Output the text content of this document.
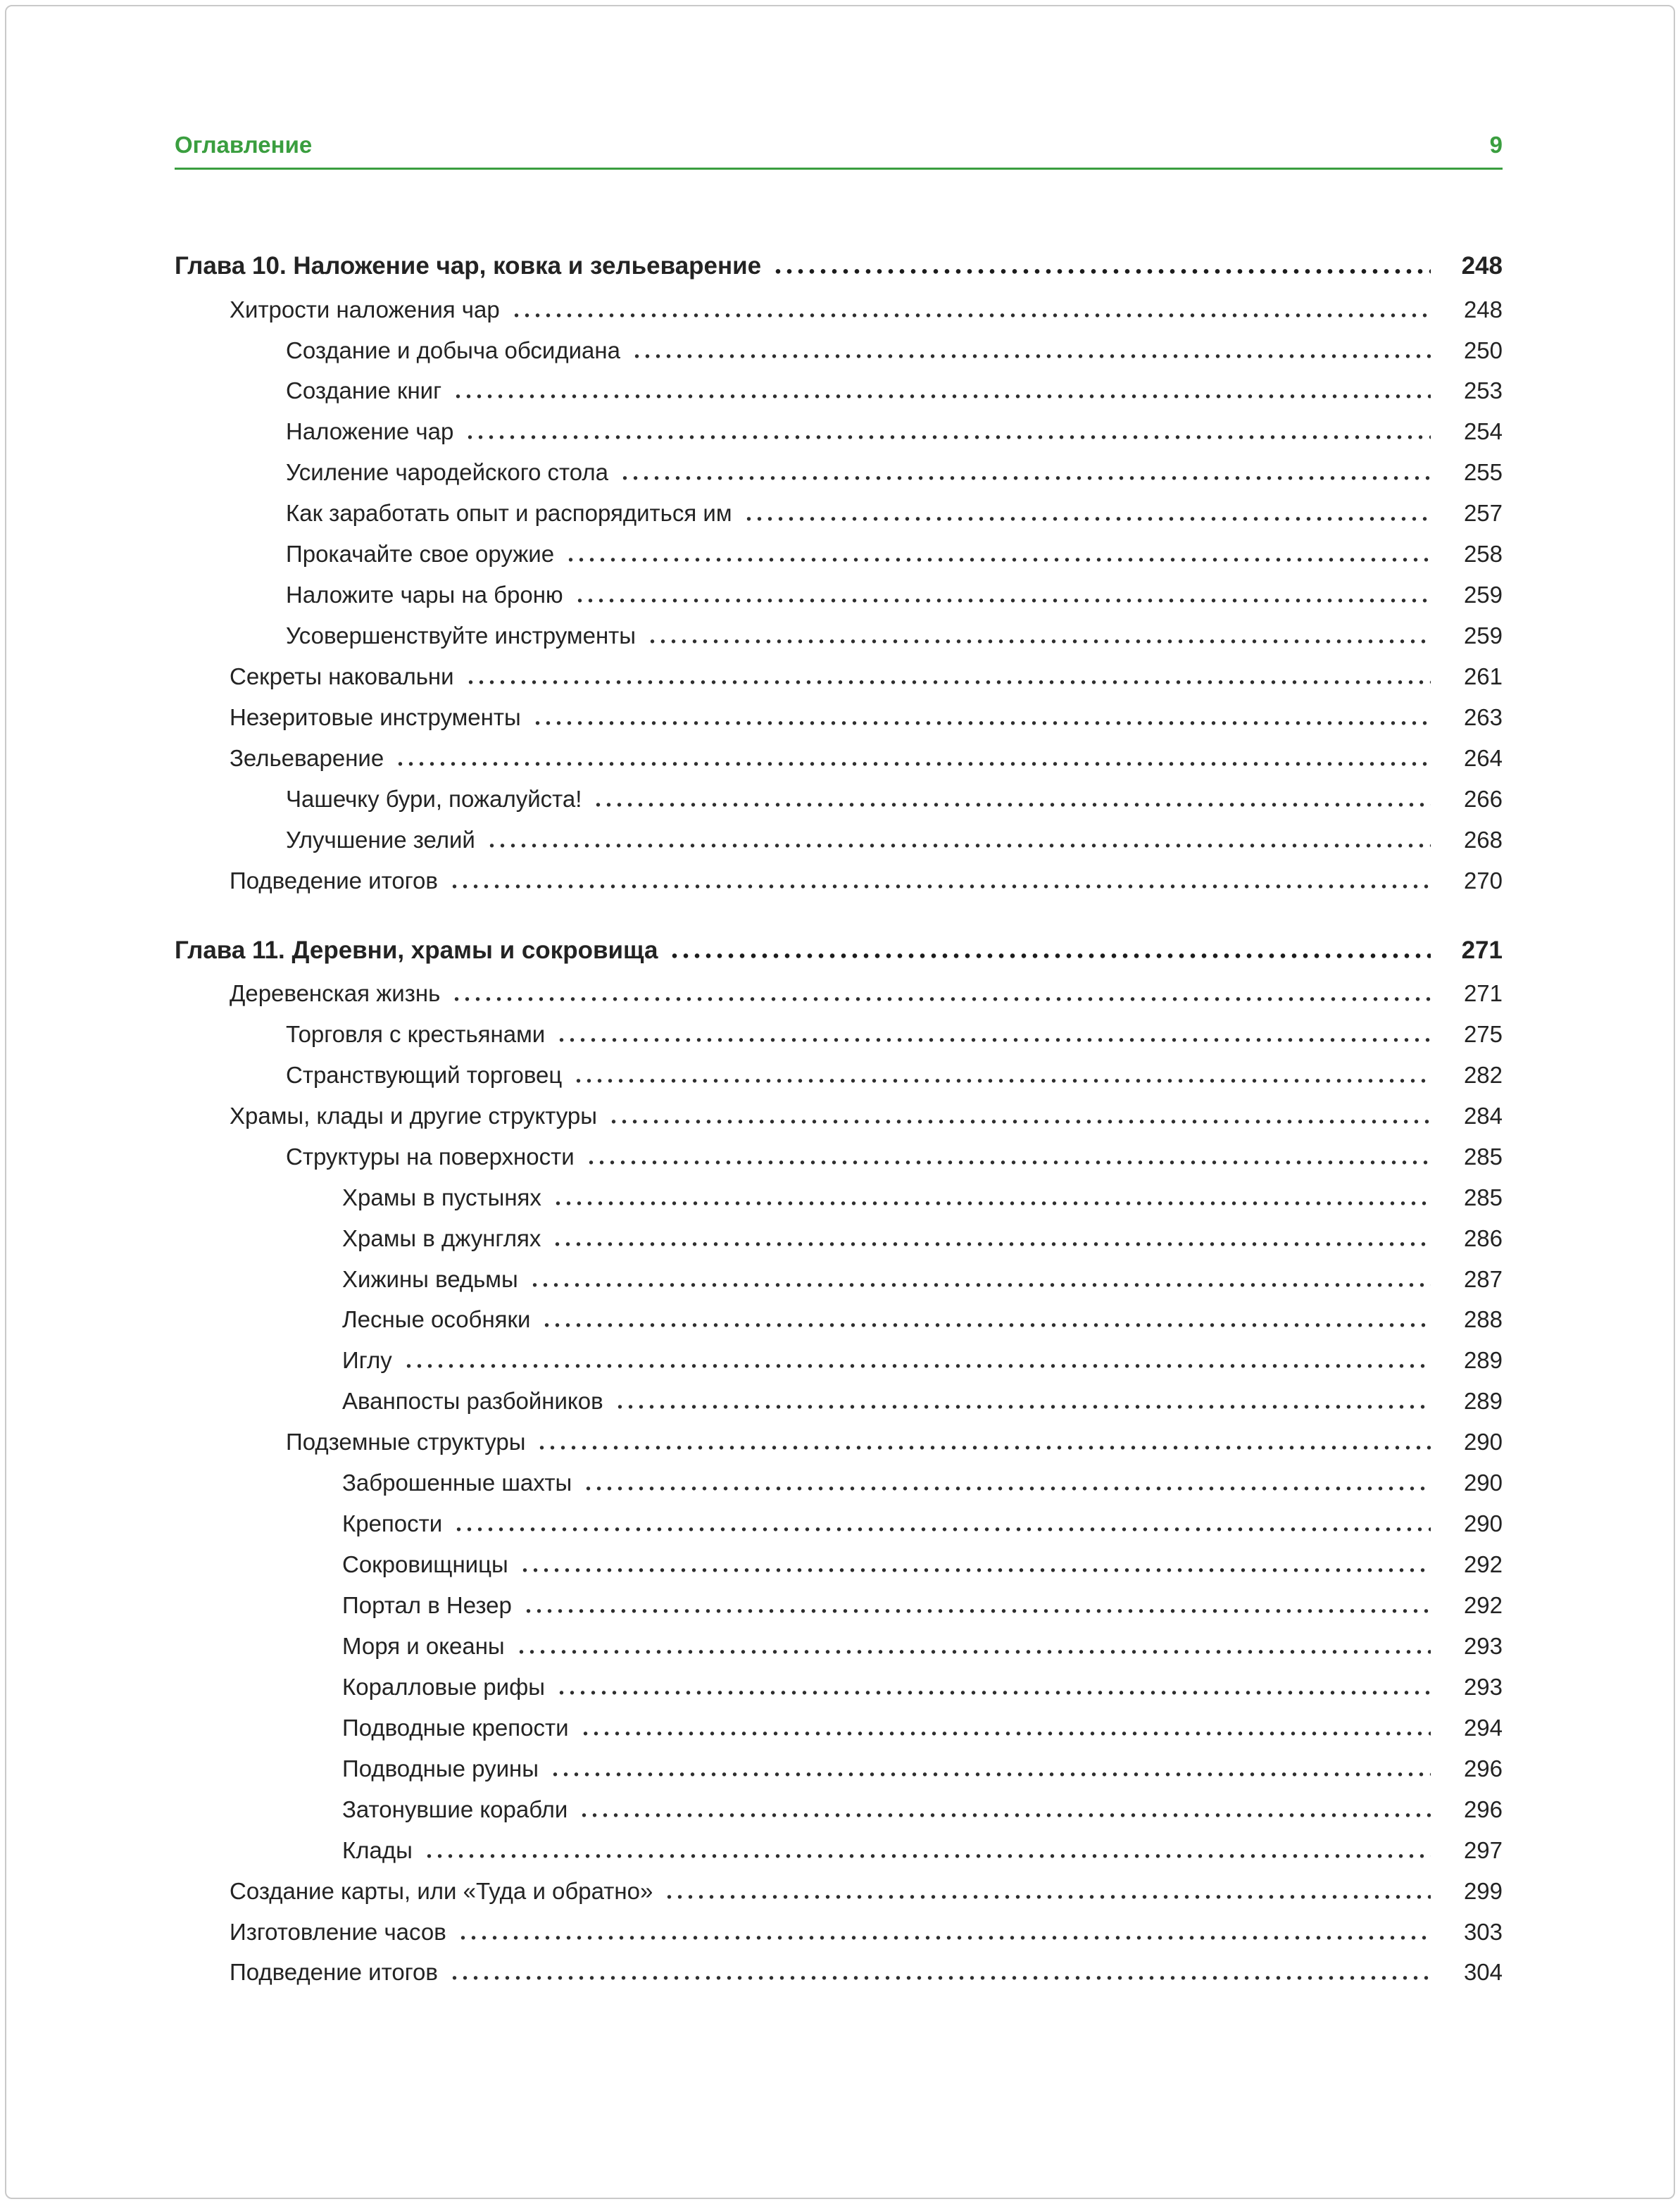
Оглавление	9
Глава 10. Наложение чар, ковка и зельеварение	248
Хитрости наложения чар	248
Создание и добыча обсидиана	250
Создание книг	253
Наложение чар	254
Усиление чародейского стола	255
Как заработать опыт и распорядиться им	257
Прокачайте свое оружие	258
Наложите чары на броню	259
Усовершенствуйте инструменты	259
Секреты наковальни	261
Незеритовые инструменты	263
Зельеварение	264
Чашечку бури, пожалуйста!	266
Улучшение зелий	268
Подведение итогов	270
Глава 11. Деревни, храмы и сокровища	271
Деревенская жизнь	271
Торговля с крестьянами	275
Странствующий торговец	282
Храмы, клады и другие структуры	284
Структуры на поверхности	285
Храмы в пустынях	285
Храмы в джунглях	286
Хижины ведьмы	287
Лесные особняки	288
Иглу	289
Аванпосты разбойников	289
Подземные структуры	290
Заброшенные шахты	290
Крепости	290
Сокровищницы	292
Портал в Незер	292
Моря и океаны	293
Коралловые рифы	293
Подводные крепости	294
Подводные руины	296
Затонувшие корабли	296
Клады	297
Создание карты, или «Туда и обратно»	299
Изготовление часов	303
Подведение итогов	304
